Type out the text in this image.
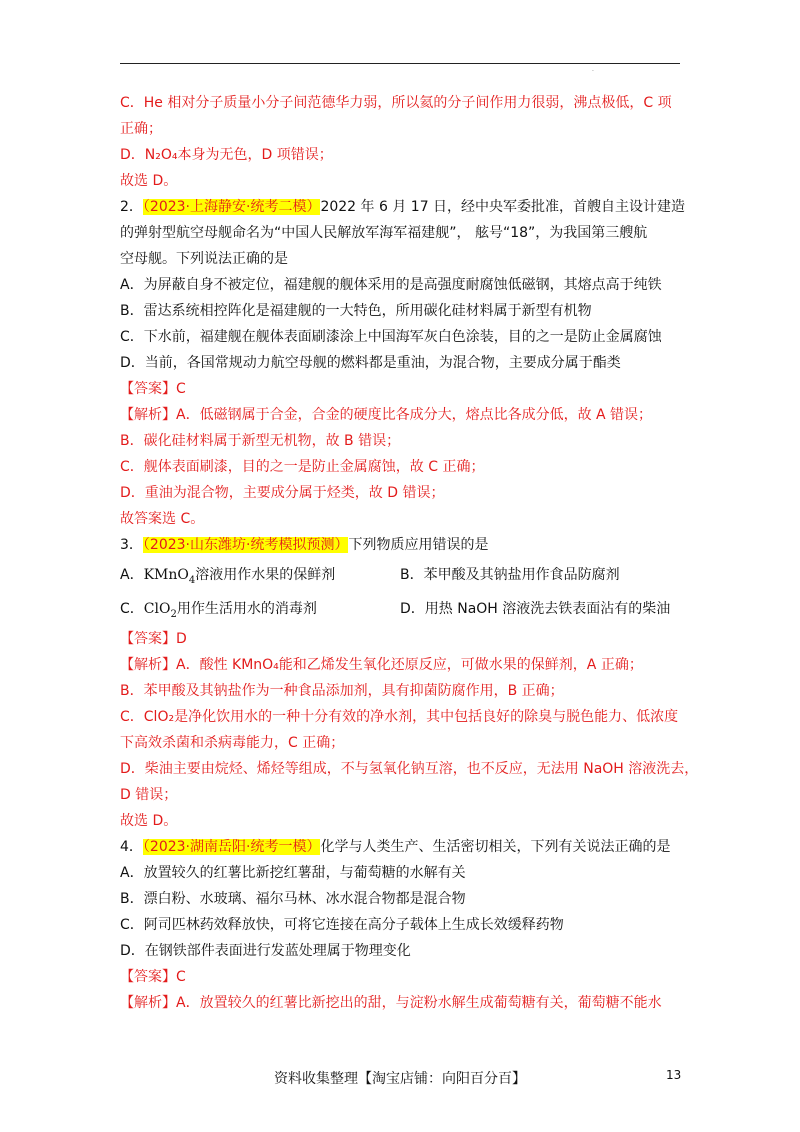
.
C．He 相对分子质量小分子间范德华力弱，所以氦的分子间作用力很弱，沸点极低，C 项
正确；
D．N₂O₄本身为无色，D 项错误；
故选 D。
2．（2023·上海静安·统考二模）2022 年 6 月 17 日，经中央军委批准，首艘自主设计建造
的弹射型航空母舰命名为“中国人民解放军海军福建舰”， 舷号“18”，为我国第三艘航
空母舰。下列说法正确的是
A．为屏蔽自身不被定位，福建舰的舰体采用的是高强度耐腐蚀低磁钢，其熔点高于纯铁
B．雷达系统相控阵化是福建舰的一大特色，所用碳化硅材料属于新型有机物
C．下水前，福建舰在舰体表面刷漆涂上中国海军灰白色涂装，目的之一是防止金属腐蚀
D．当前，各国常规动力航空母舰的燃料都是重油，为混合物，主要成分属于酯类
【答案】C
【解析】A．低磁钢属于合金，合金的硬度比各成分大，熔点比各成分低，故 A 错误；
B．碳化硅材料属于新型无机物，故 B 错误；
C．舰体表面刷漆，目的之一是防止金属腐蚀，故 C 正确；
D．重油为混合物，主要成分属于烃类，故 D 错误；
故答案选 C。
3．（2023·山东潍坊·统考模拟预测）下列物质应用错误的是
A．KMnO$_4$溶液用作水果的保鲜剂	B．苯甲酸及其钠盐用作食品防腐剂
C．ClO$_2$用作生活用水的消毒剂	D．用热 NaOH 溶液洗去铁表面沾有的柴油
【答案】D
【解析】A．酸性 KMnO₄能和乙烯发生氧化还原反应，可做水果的保鲜剂，A 正确；
B．苯甲酸及其钠盐作为一种食品添加剂，具有抑菌防腐作用，B 正确；
C．ClO₂是净化饮用水的一种十分有效的净水剂，其中包括良好的除臭与脱色能力、低浓度
下高效杀菌和杀病毒能力，C 正确；
D．柴油主要由烷烃、烯烃等组成，不与氢氧化钠互溶，也不反应，无法用 NaOH 溶液洗去，
D 错误；
故选 D。
4．（2023·湖南岳阳·统考一模）化学与人类生产、生活密切相关，下列有关说法正确的是
A．放置较久的红薯比新挖红薯甜，与葡萄糖的水解有关
B．漂白粉、水玻璃、福尔马林、冰水混合物都是混合物
C．阿司匹林药效释放快，可将它连接在高分子载体上生成长效缓释药物
D．在钢铁部件表面进行发蓝处理属于物理变化
【答案】C
【解析】A．放置较久的红薯比新挖出的甜，与淀粉水解生成葡萄糖有关，葡萄糖不能水
资料收集整理【淘宝店铺：向阳百分百】	13
